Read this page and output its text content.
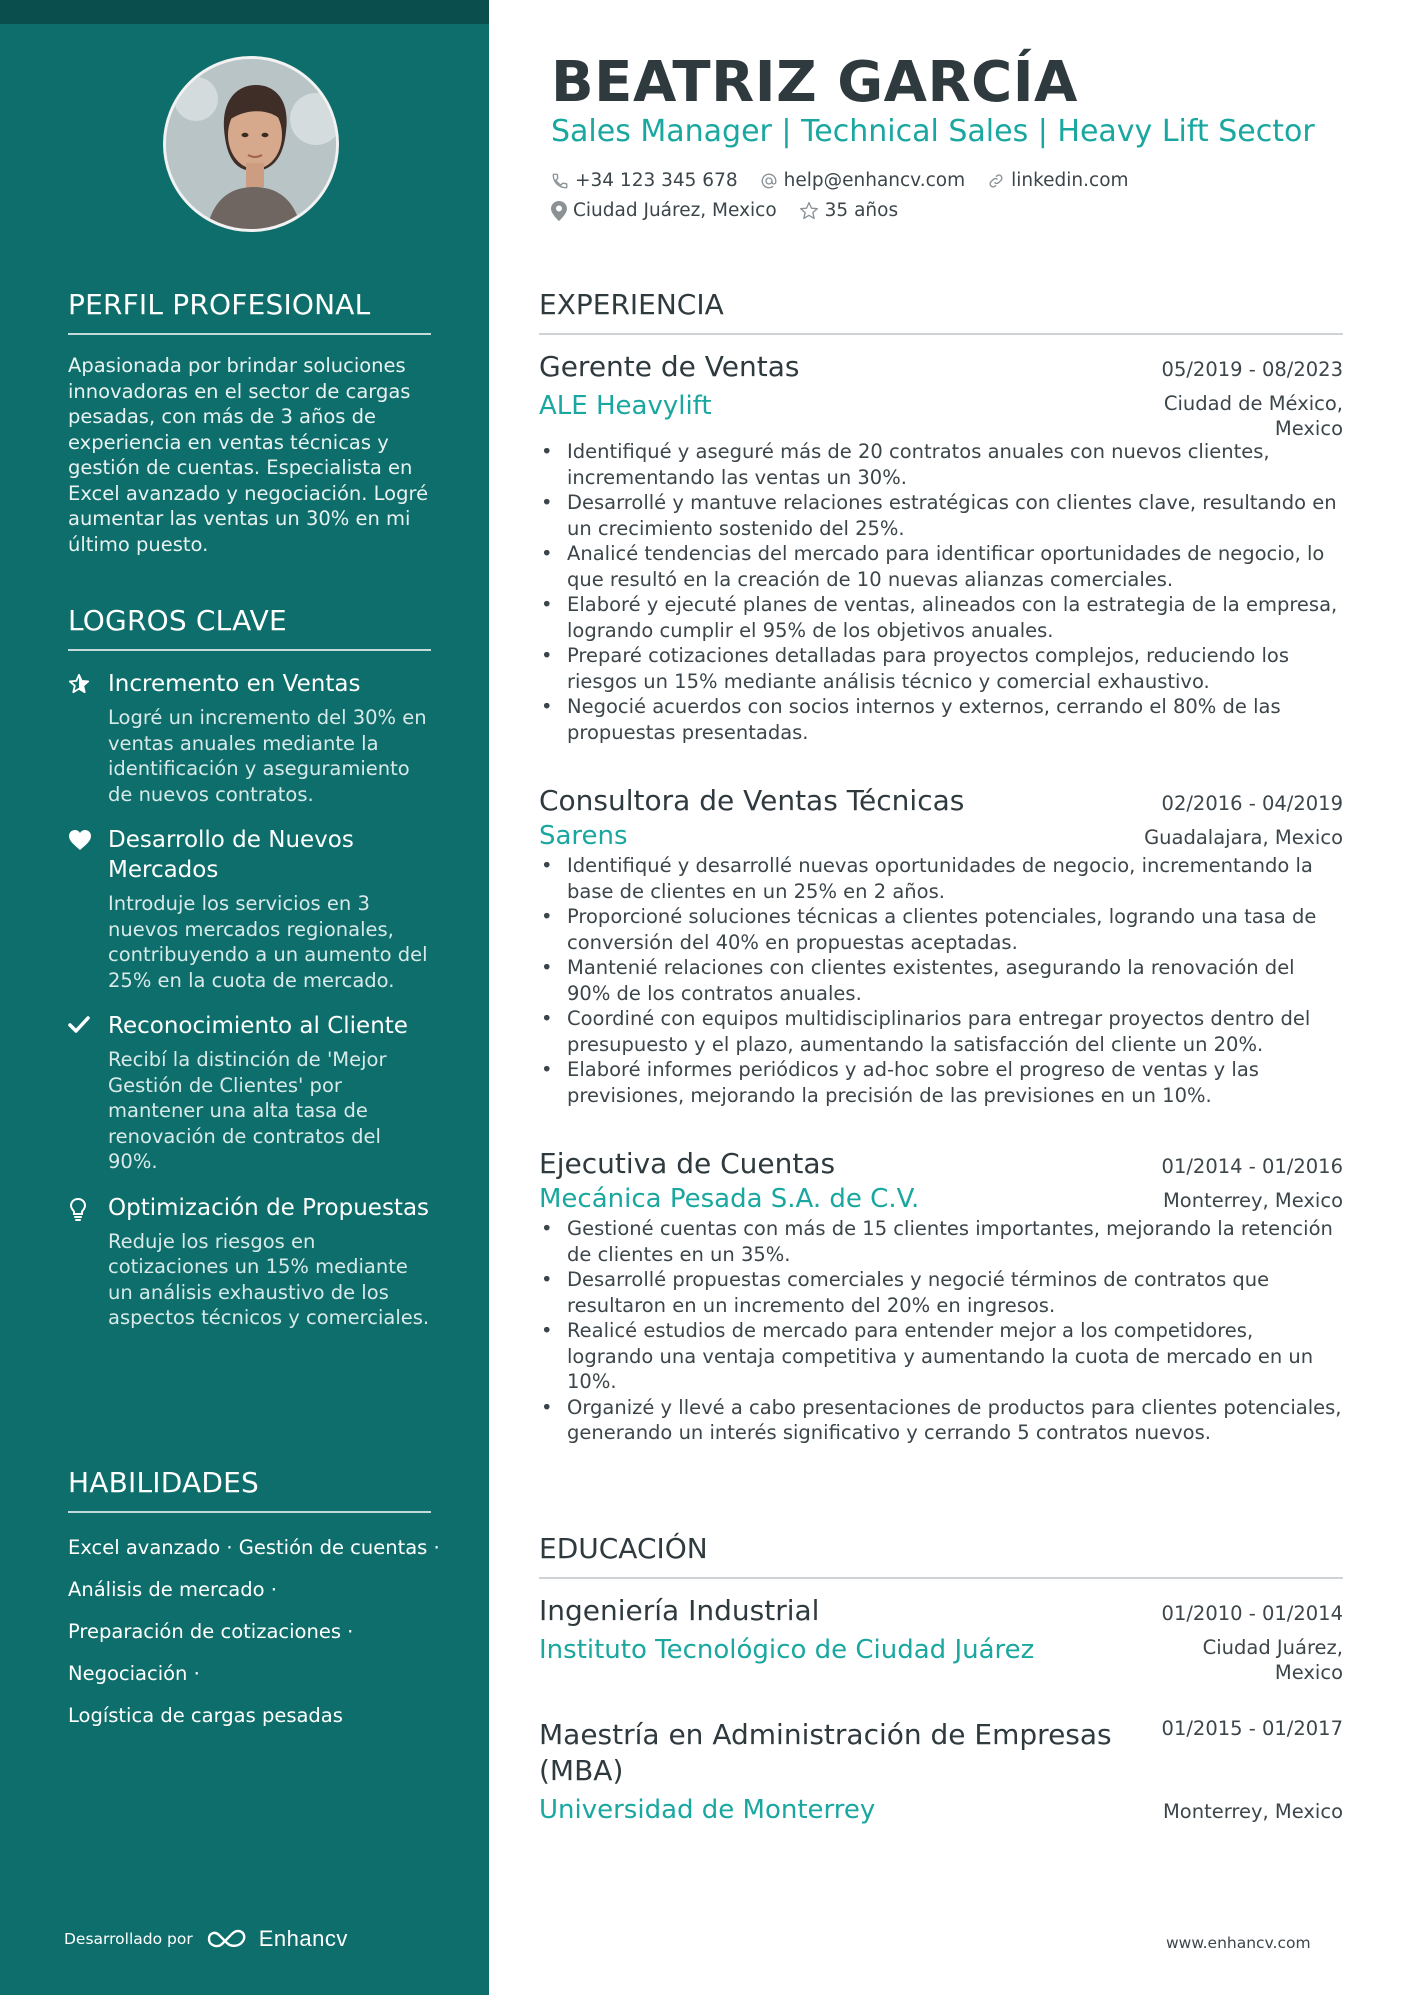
PERFIL PROFESIONAL
Apasionada por brindar soluciones innovadoras en el sector de cargas pesadas, con más de 3 años de experiencia en ventas técnicas y gestión de cuentas. Especialista en Excel avanzado y negociación. Logré aumentar las ventas un 30% en mi último puesto.
LOGROS CLAVE
Incremento en Ventas
Logré un incremento del 30% en ventas anuales mediante la identificación y aseguramiento de nuevos contratos.
Desarrollo de Nuevos Mercados
Introduje los servicios en 3 nuevos mercados regionales, contribuyendo a un aumento del 25% en la cuota de mercado.
Reconocimiento al Cliente
Recibí la distinción de 'Mejor Gestión de Clientes' por mantener una alta tasa de renovación de contratos del 90%.
Optimización de Propuestas
Reduje los riesgos en cotizaciones un 15% mediante un análisis exhaustivo de los aspectos técnicos y comerciales.
HABILIDADES
Excel avanzado · Gestión de cuentas ·
Análisis de mercado ·
Preparación de cotizaciones ·
Negociación ·
Logística de cargas pesadas
Desarrollado por	Enhancv
BEATRIZ GARCÍA
Sales Manager | Technical Sales | Heavy Lift Sector
+34 123 345 678 help@enhancv.com linkedin.com
Ciudad Juárez, Mexico	35 años
EXPERIENCIA
Gerente de Ventas	05/2019 - 08/2023
ALE Heavylift	Ciudad de México,
Mexico
• Identifiqué y aseguré más de 20 contratos anuales con nuevos clientes, incrementando las ventas un 30%.
• Desarrollé y mantuve relaciones estratégicas con clientes clave, resultando en un crecimiento sostenido del 25%.
• Analicé tendencias del mercado para identificar oportunidades de negocio, lo que resultó en la creación de 10 nuevas alianzas comerciales.
• Elaboré y ejecuté planes de ventas, alineados con la estrategia de la empresa, logrando cumplir el 95% de los objetivos anuales.
• Preparé cotizaciones detalladas para proyectos complejos, reduciendo los riesgos un 15% mediante análisis técnico y comercial exhaustivo.
• Negocié acuerdos con socios internos y externos, cerrando el 80% de las propuestas presentadas.
Consultora de Ventas Técnicas	02/2016 - 04/2019
Sarens	Guadalajara, Mexico
• Identifiqué y desarrollé nuevas oportunidades de negocio, incrementando la base de clientes en un 25% en 2 años.
• Proporcioné soluciones técnicas a clientes potenciales, logrando una tasa de conversión del 40% en propuestas aceptadas.
• Mantenié relaciones con clientes existentes, asegurando la renovación del 90% de los contratos anuales.
• Coordiné con equipos multidisciplinarios para entregar proyectos dentro del presupuesto y el plazo, aumentando la satisfacción del cliente un 20%.
• Elaboré informes periódicos y ad-hoc sobre el progreso de ventas y las previsiones, mejorando la precisión de las previsiones en un 10%.
Ejecutiva de Cuentas	01/2014 - 01/2016
Mecánica Pesada S.A. de C.V.	Monterrey, Mexico
• Gestioné cuentas con más de 15 clientes importantes, mejorando la retención de clientes en un 35%.
• Desarrollé propuestas comerciales y negocié términos de contratos que resultaron en un incremento del 20% en ingresos.
• Realicé estudios de mercado para entender mejor a los competidores, logrando una ventaja competitiva y aumentando la cuota de mercado en un 10%.
• Organizé y llevé a cabo presentaciones de productos para clientes potenciales, generando un interés significativo y cerrando 5 contratos nuevos.
EDUCACIÓN
Ingeniería Industrial	01/2010 - 01/2014
Instituto Tecnológico de Ciudad Juárez	Ciudad Juárez,
Mexico
Maestría en Administración de Empresas (MBA)
01/2015 - 01/2017
Universidad de Monterrey	Monterrey, Mexico
www.enhancv.com
